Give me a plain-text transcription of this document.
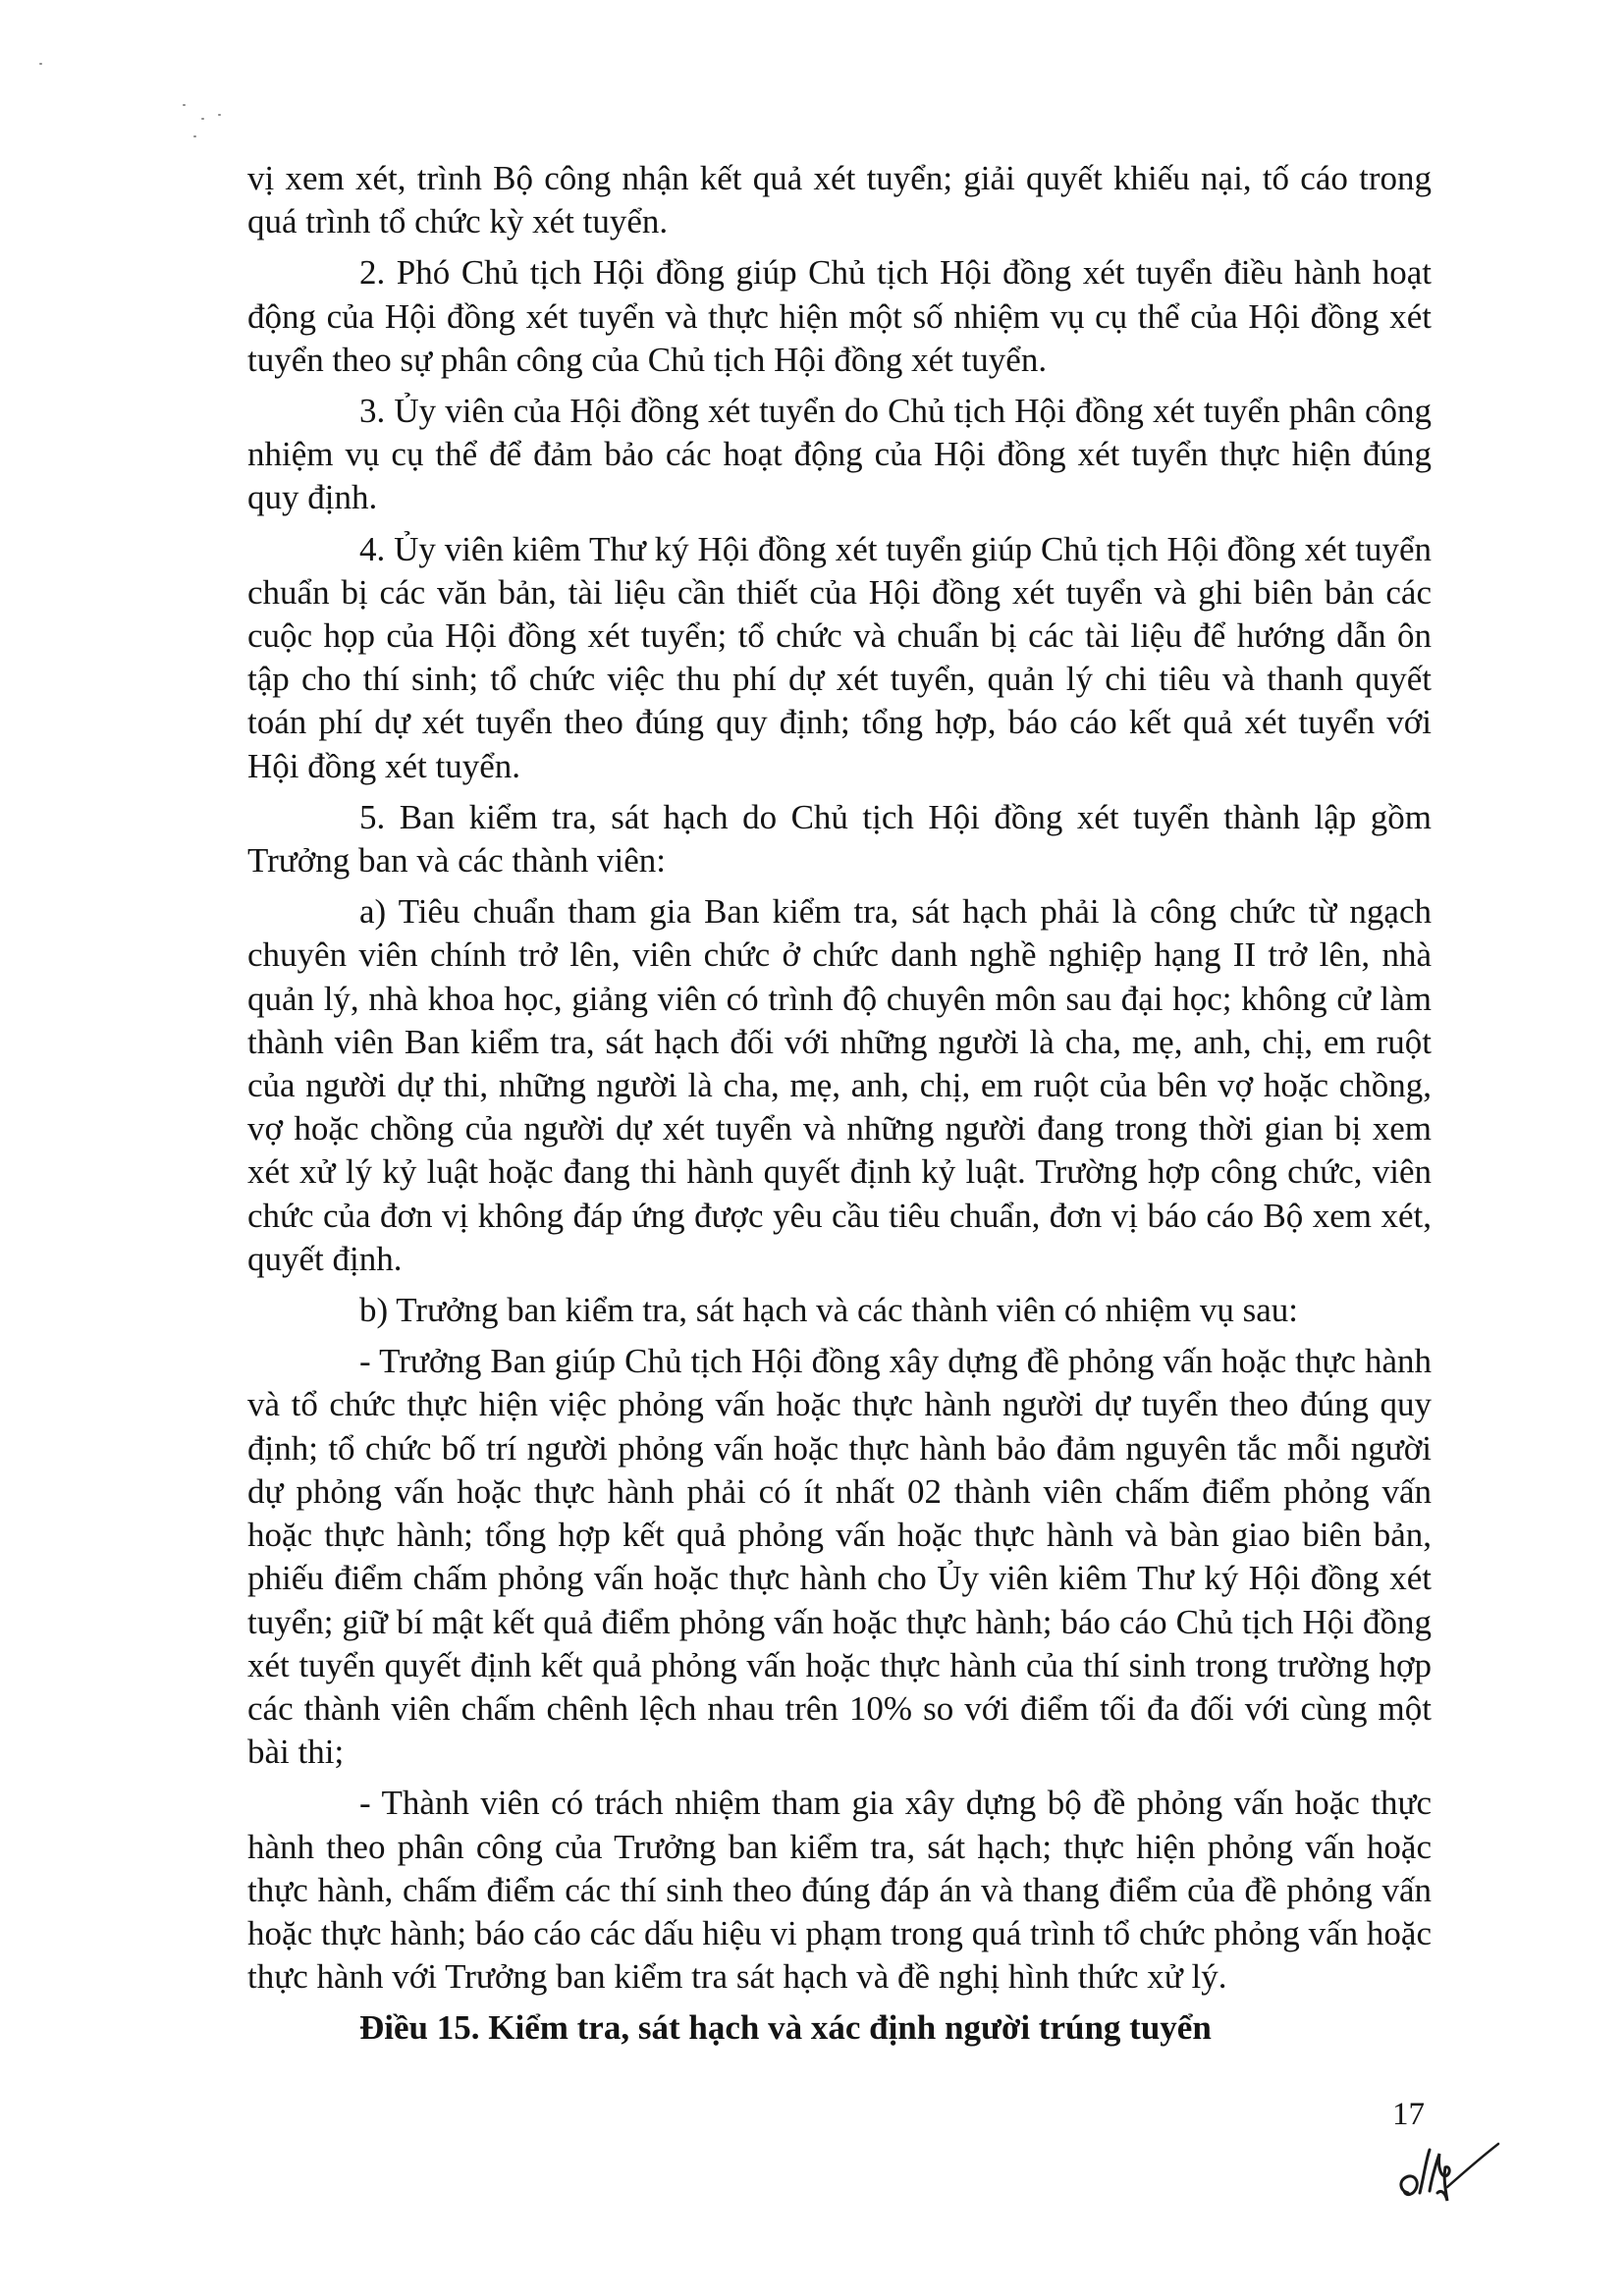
vị xem xét, trình Bộ công nhận kết quả xét tuyển; giải quyết khiếu nại, tố cáo trong quá trình tổ chức kỳ xét tuyển.

2. Phó Chủ tịch Hội đồng giúp Chủ tịch Hội đồng xét tuyển điều hành hoạt động của Hội đồng xét tuyển và thực hiện một số nhiệm vụ cụ thể của Hội đồng xét tuyển theo sự phân công của Chủ tịch Hội đồng xét tuyển.

3. Ủy viên của Hội đồng xét tuyển do Chủ tịch Hội đồng xét tuyển phân công nhiệm vụ cụ thể để đảm bảo các hoạt động của Hội đồng xét tuyển thực hiện đúng quy định.

4. Ủy viên kiêm Thư ký Hội đồng xét tuyển giúp Chủ tịch Hội đồng xét tuyển chuẩn bị các văn bản, tài liệu cần thiết của Hội đồng xét tuyển và ghi biên bản các cuộc họp của Hội đồng xét tuyển; tổ chức và chuẩn bị các tài liệu để hướng dẫn ôn tập cho thí sinh; tổ chức việc thu phí dự xét tuyển, quản lý chi tiêu và thanh quyết toán phí dự xét tuyển theo đúng quy định; tổng hợp, báo cáo kết quả xét tuyển với Hội đồng xét tuyển.

5. Ban kiểm tra, sát hạch do Chủ tịch Hội đồng xét tuyển thành lập gồm Trưởng ban và các thành viên:

a) Tiêu chuẩn tham gia Ban kiểm tra, sát hạch phải là công chức từ ngạch chuyên viên chính trở lên, viên chức ở chức danh nghề nghiệp hạng II trở lên, nhà quản lý, nhà khoa học, giảng viên có trình độ chuyên môn sau đại học; không cử làm thành viên Ban kiểm tra, sát hạch đối với những người là cha, mẹ, anh, chị, em ruột của người dự thi, những người là cha, mẹ, anh, chị, em ruột của bên vợ hoặc chồng, vợ hoặc chồng của người dự xét tuyển và những người đang trong thời gian bị xem xét xử lý kỷ luật hoặc đang thi hành quyết định kỷ luật. Trường hợp công chức, viên chức của đơn vị không đáp ứng được yêu cầu tiêu chuẩn, đơn vị báo cáo Bộ xem xét, quyết định.

b) Trưởng ban kiểm tra, sát hạch và các thành viên có nhiệm vụ sau:

- Trưởng Ban giúp Chủ tịch Hội đồng xây dựng đề phỏng vấn hoặc thực hành và tổ chức thực hiện việc phỏng vấn hoặc thực hành người dự tuyển theo đúng quy định; tổ chức bố trí người phỏng vấn hoặc thực hành bảo đảm nguyên tắc mỗi người dự phỏng vấn hoặc thực hành phải có ít nhất 02 thành viên chấm điểm phỏng vấn hoặc thực hành; tổng hợp kết quả phỏng vấn hoặc thực hành và bàn giao biên bản, phiếu điểm chấm phỏng vấn hoặc thực hành cho Ủy viên kiêm Thư ký Hội đồng xét tuyển; giữ bí mật kết quả điểm phỏng vấn hoặc thực hành; báo cáo Chủ tịch Hội đồng xét tuyển quyết định kết quả phỏng vấn hoặc thực hành của thí sinh trong trường hợp các thành viên chấm chênh lệch nhau trên 10% so với điểm tối đa đối với cùng một bài thi;

- Thành viên có trách nhiệm tham gia xây dựng bộ đề phỏng vấn hoặc thực hành theo phân công của Trưởng ban kiểm tra, sát hạch; thực hiện phỏng vấn hoặc thực hành, chấm điểm các thí sinh theo đúng đáp án và thang điểm của đề phỏng vấn hoặc thực hành; báo cáo các dấu hiệu vi phạm trong quá trình tổ chức phỏng vấn hoặc thực hành với Trưởng ban kiểm tra sát hạch và đề nghị hình thức xử lý.

Điều 15. Kiểm tra, sát hạch và xác định người trúng tuyển

17
